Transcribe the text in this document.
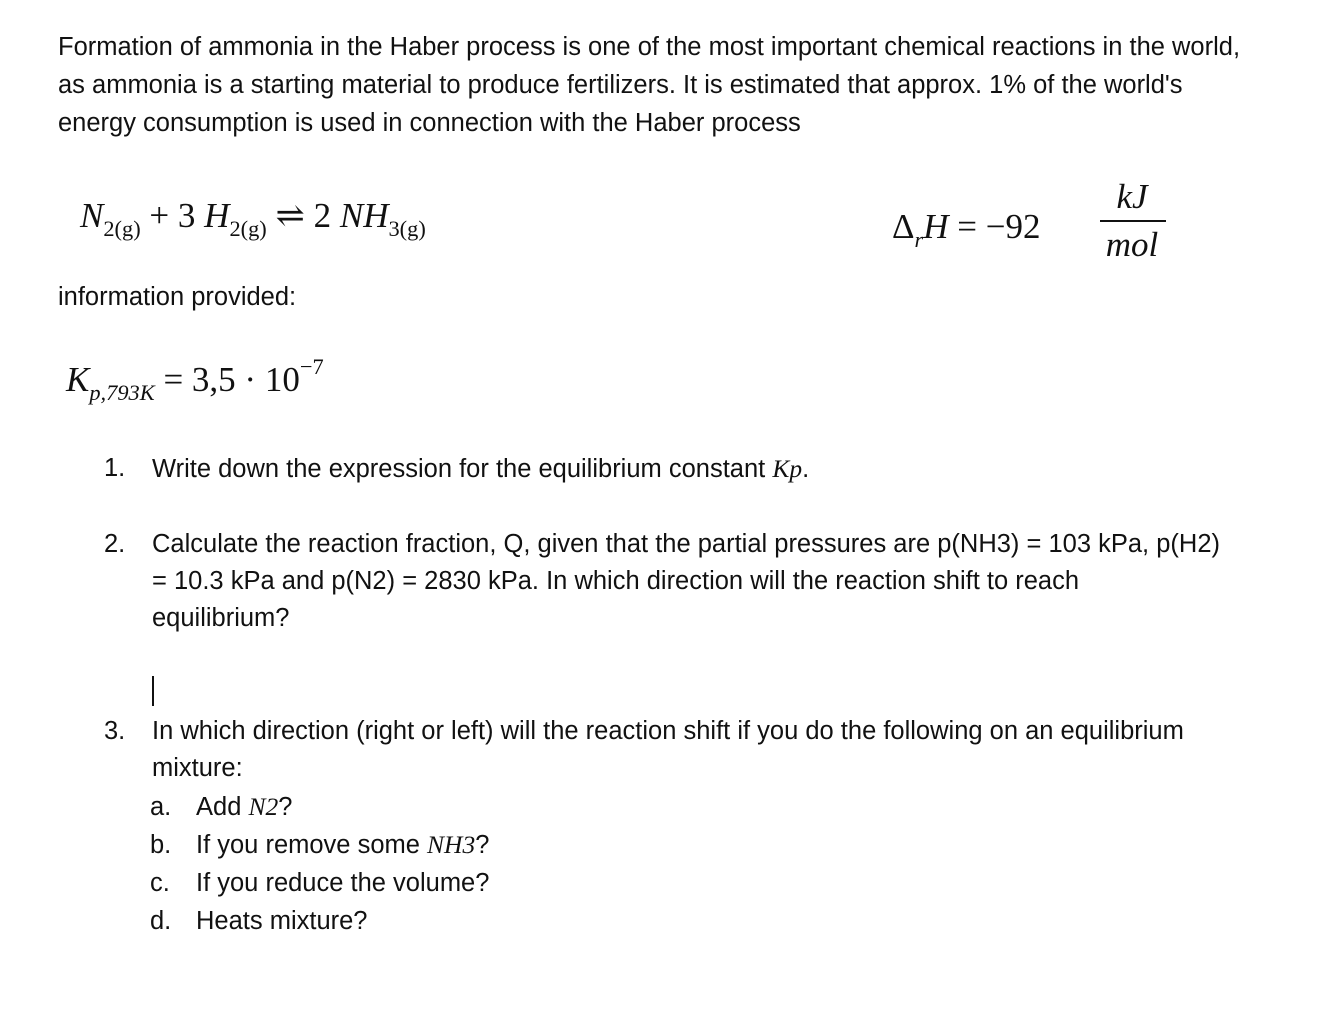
Formation of ammonia in the Haber process is one of the most important chemical reactions in the world, as ammonia is a starting material to produce fertilizers. It is estimated that approx. 1% of the world's energy consumption is used in connection with the Haber process

$N_{2(g)} + 3$ $H_{2(g)}$ ⇌ 2 $NH_{3(g)}$	$\Delta_rH = -92$
kJ
mol

information provided:

$K_{p,793K} = 3,5 \cdot 10^{-7}$
1.	Write down the expression for the equilibrium constant Kp.
2.	Calculate the reaction fraction, Q, given that the partial pressures are p(NH3) = 103 kPa, p(H2) = 10.3 kPa and p(N2) = 2830 kPa. In which direction will the reaction shift to reach equilibrium?
3.	In which direction (right or left) will the reaction shift if you do the following on an equilibrium mixture:
a. Add N2?
b. If you remove some NH3?
c. If you reduce the volume?
d. Heats mixture?
